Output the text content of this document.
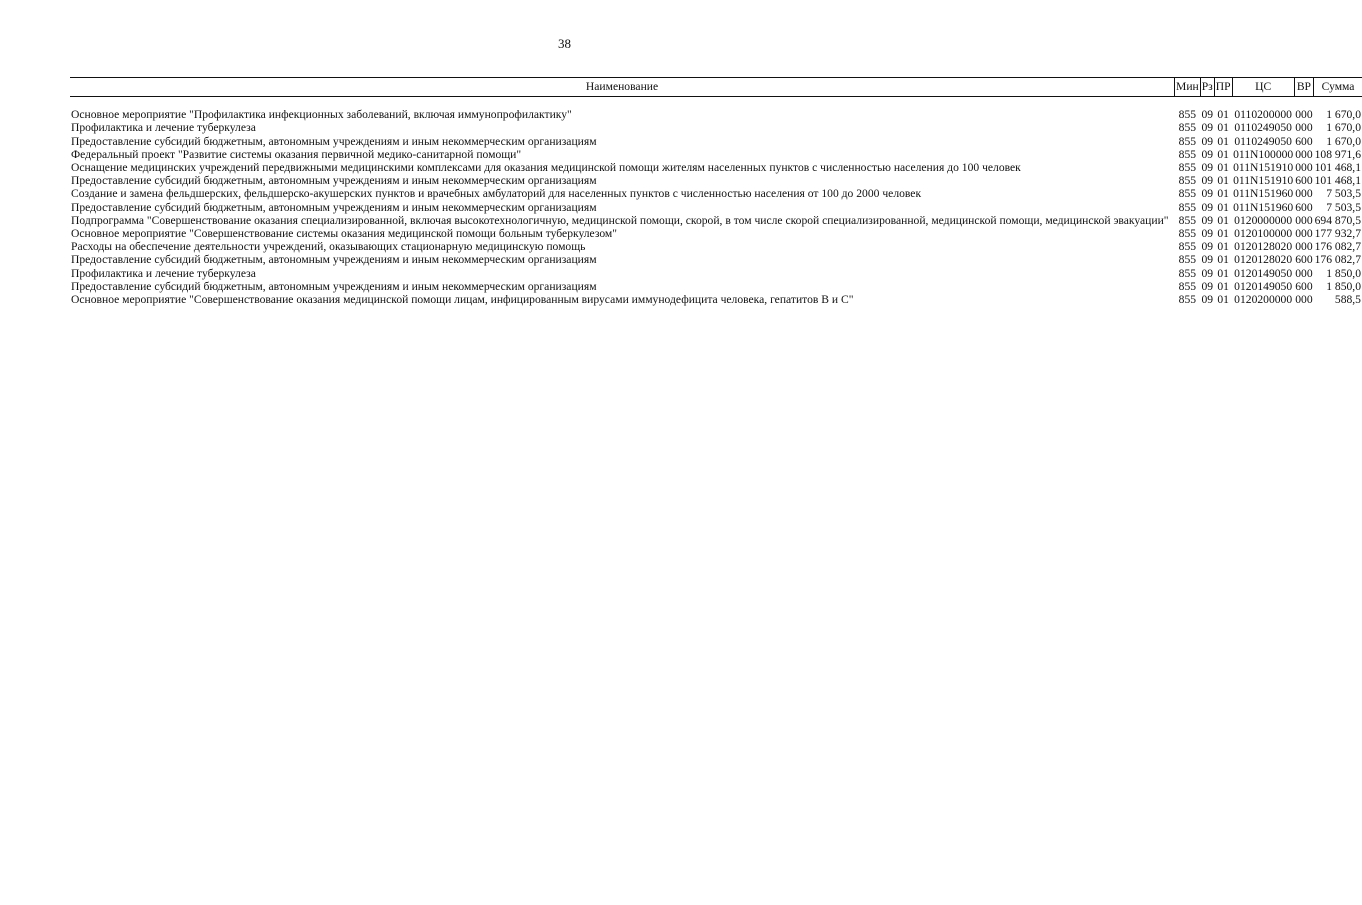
38
Наименование	Мин	Рз	ПР	ЦС	ВР	Сумма
Основное мероприятие "Профилактика инфекционных заболеваний, включая иммунопрофилактику"	855	09	01	0110200000	000	1 670,0
Профилактика и лечение туберкулеза	855	09	01	0110249050	000	1 670,0
Предоставление субсидий бюджетным, автономным учреждениям и иным некоммерческим организациям	855	09	01	0110249050	600	1 670,0
Федеральный проект "Развитие системы оказания первичной медико-санитарной помощи"	855	09	01	011N100000	000	108 971,6
Оснащение медицинских учреждений передвижными медицинскими комплексами для оказания медицинской помощи жителям населенных пунктов с численностью населения до 100 человек	855	09	01	011N151910	000	101 468,1
Предоставление субсидий бюджетным, автономным учреждениям и иным некоммерческим организациям	855	09	01	011N151910	600	101 468,1
Создание и замена фельдшерских, фельдшерско-акушерских пунктов и врачебных амбулаторий для населенных пунктов с численностью населения от 100 до 2000 человек	855	09	01	011N151960	000	7 503,5
Предоставление субсидий бюджетным, автономным учреждениям и иным некоммерческим организациям	855	09	01	011N151960	600	7 503,5
Подпрограмма "Совершенствование оказания специализированной, включая высокотехнологичную, медицинской помощи, скорой, в том числе скорой специализированной, медицинской помощи, медицинской эвакуации"	855	09	01	0120000000	000	694 870,5
Основное мероприятие "Совершенствование системы оказания медицинской помощи больным туберкулезом"	855	09	01	0120100000	000	177 932,7
Расходы на обеспечение деятельности учреждений, оказывающих стационарную медицинскую помощь	855	09	01	0120128020	000	176 082,7
Предоставление субсидий бюджетным, автономным учреждениям и иным некоммерческим организациям	855	09	01	0120128020	600	176 082,7
Профилактика и лечение туберкулеза	855	09	01	0120149050	000	1 850,0
Предоставление субсидий бюджетным, автономным учреждениям и иным некоммерческим организациям	855	09	01	0120149050	600	1 850,0
Основное мероприятие "Совершенствование оказания медицинской помощи лицам, инфицированным вирусами иммунодефицита человека, гепатитов В и С"	855	09	01	0120200000	000	588,5
